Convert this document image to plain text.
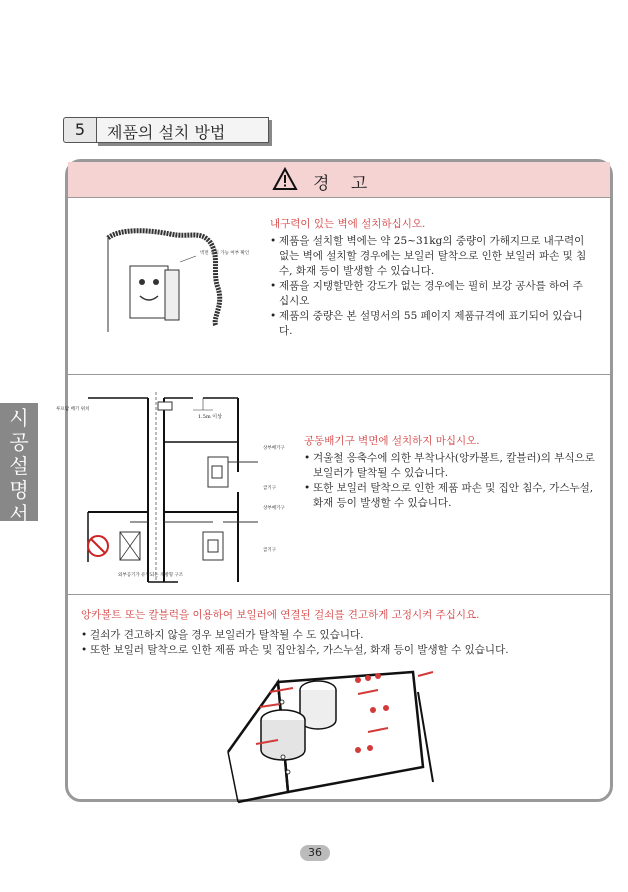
5	제품의 설치 방법
시공설명서
경 고
벽면 설치 가능 여부 확인
내구력이 있는 벽에 설치하십시오.
• 제품을 설치할 벽에는 약 25~31kg의 중량이 가해지므로 내구력이 없는 벽에 설치할 경우에는 보일러 탈착으로 인한 보일러 파손 및 침수, 화재 등이 발생할 수 있습니다.
• 제품을 지탱할만한 강도가 없는 경우에는 필히 보강 공사를 하여 주십시오
• 제품의 중량은 본 설명서의 55 페이지 제품규격에 표기되어 있습니다.
루프탑 배기 위치
1.5m 이상
상부배기구
급기구
상부배기구
급기구
외부공기가 유입되는 개방형 구조
공동배기구 벽면에 설치하지 마십시오.
• 겨울철 응축수에 의한 부착나사(앙카볼트, 칼블러)의 부식으로 보일러가 탈착될 수 있습니다.
• 또한 보일러 탈착으로 인한 제품 파손 및 집안 침수, 가스누설, 화재 등이 발생할 수 있습니다.
앙카볼트 또는 칼블럭을 이용하여 보일러에 연결된 걸쇠를 견고하게 고정시켜 주십시요.
• 걸쇠가 견고하지 않을 경우 보일러가 탈착될 수 도 있습니다.
• 또한 보일러 탈착으로 인한 제품 파손 및 집안침수, 가스누설, 화재 등이 발생할 수 있습니다.
36
